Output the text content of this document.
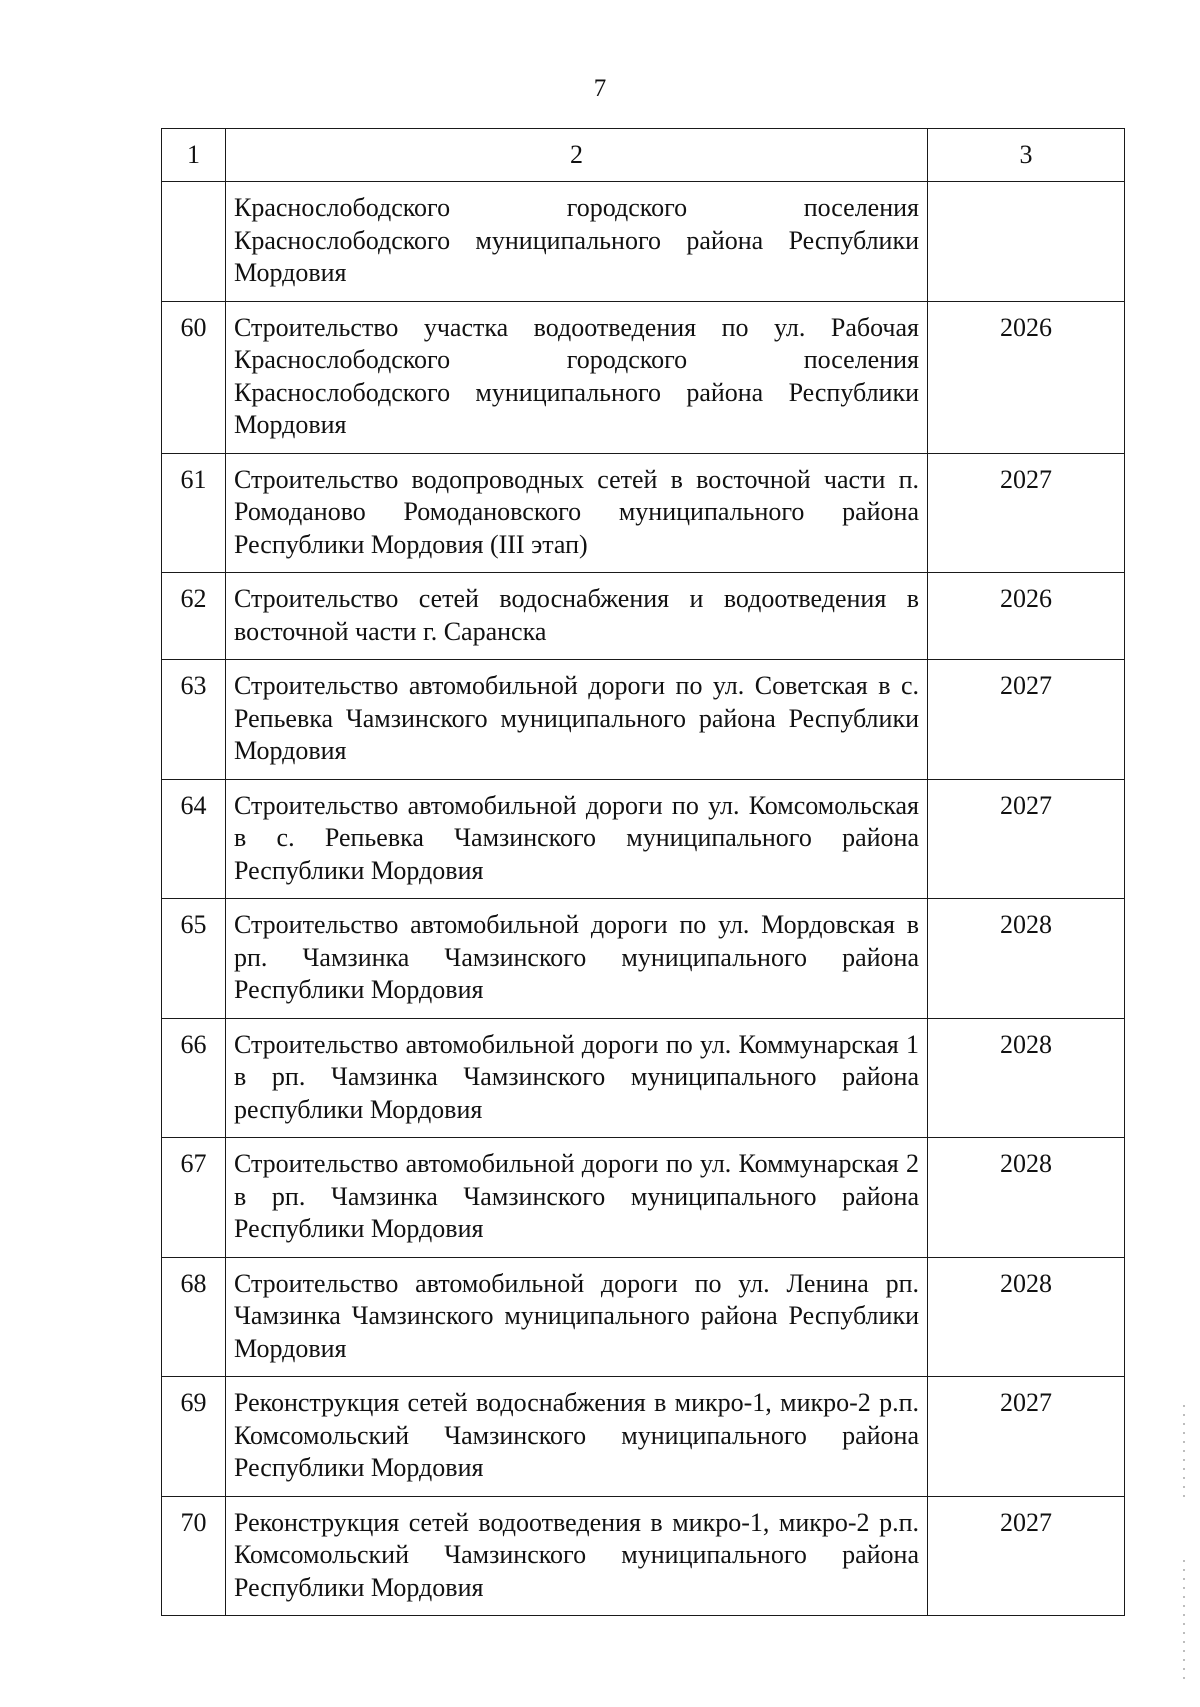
7
1	2	3
	Краснослободского городского поселения Краснослободского муниципального района Республики Мордовия	
60	Строительство участка водоотведения по ул. Рабочая Краснослободского городского поселения Краснослободского муниципального района Республики Мордовия	2026
61	Строительство водопроводных сетей в восточной части п. Ромоданово Ромодановского муниципального района Республики Мордовия (III этап)	2027
62	Строительство сетей водоснабжения и водоотведения в восточной части г. Саранска	2026
63	Строительство автомобильной дороги по ул. Советская в с. Репьевка Чамзинского муниципального района Республики Мордовия	2027
64	Строительство автомобильной дороги по ул. Комсомольская в с. Репьевка Чамзинского муниципального района Республики Мордовия	2027
65	Строительство автомобильной дороги по ул. Мордовская в рп. Чамзинка Чамзинского муниципального района Республики Мордовия	2028
66	Строительство автомобильной дороги по ул. Коммунарская 1 в рп. Чамзинка Чамзинского муниципального района республики Мордовия	2028
67	Строительство автомобильной дороги по ул. Коммунарская 2 в рп. Чамзинка Чамзинского муниципального района Республики Мордовия	2028
68	Строительство автомобильной дороги по ул. Ленина рп. Чамзинка Чамзинского муниципального района Республики Мордовия	2028
69	Реконструкция сетей водоснабжения в микро-1, микро-2 р.п. Комсомольский Чамзинского муниципального района Республики Мордовия	2027
70	Реконструкция сетей водоотведения в микро-1, микро-2 р.п. Комсомольский Чамзинского муниципального района Республики Мордовия	2027
